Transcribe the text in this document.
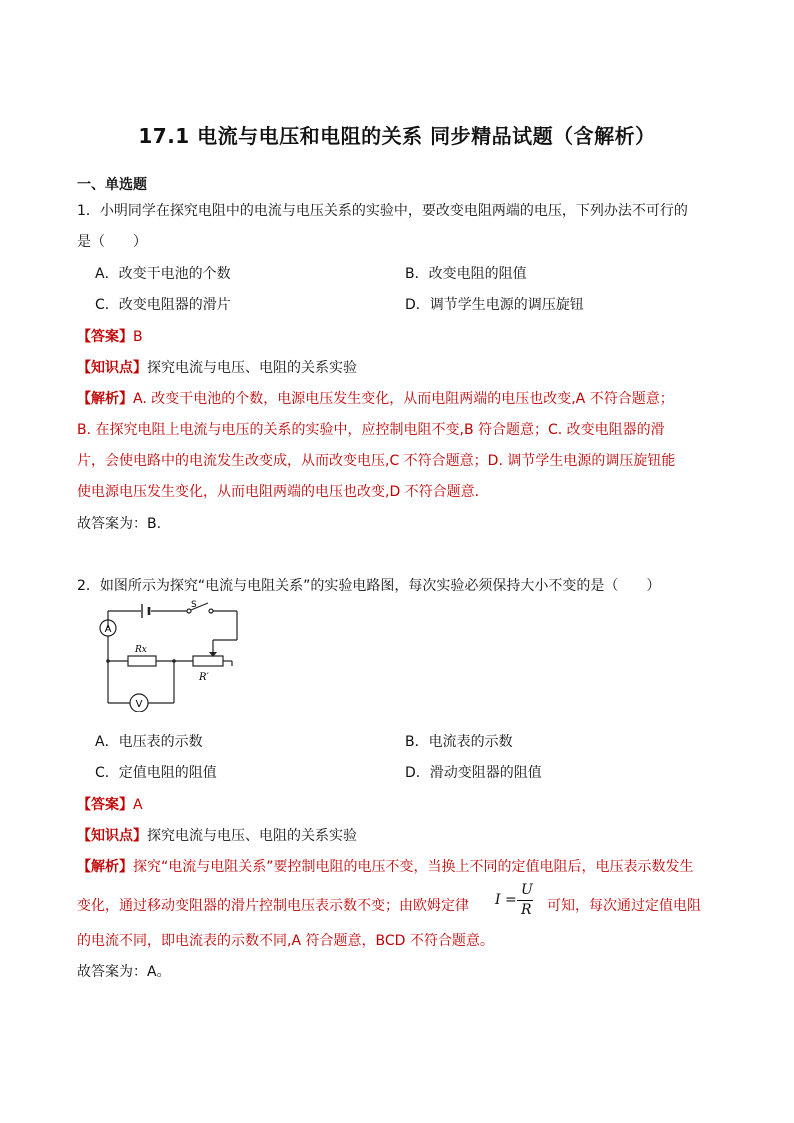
17.1 电流与电压和电阻的关系 同步精品试题（含解析）
一、单选题
1．小明同学在探究电阻中的电流与电压关系的实验中，要改变电阻两端的电压，下列办法不可行的
是（　　）
A．改变干电池的个数	B．改变电阻的阻值
C．改变电阻器的滑片	D．调节学生电源的调压旋钮
【答案】B
【知识点】探究电流与电压、电阻的关系实验
【解析】A. 改变干电池的个数，电源电压发生变化，从而电阻两端的电压也改变,A 不符合题意；
B. 在探究电阻上电流与电压的关系的实验中，应控制电阻不变,B 符合题意；C. 改变电阻器的滑
片，会使电路中的电流发生改变成，从而改变电压,C 不符合题意；D. 调节学生电源的调压旋钮能
使电源电压发生变化，从而电阻两端的电压也改变,D 不符合题意．
故答案为：B.
2．如图所示为探究“电流与电阻关系”的实验电路图，每次实验必须保持大小不变的是（　　）
A
V
S
Rx
R′
A．电压表的示数	B．电流表的示数
C．定值电阻的阻值	D．滑动变阻器的阻值
【答案】A
【知识点】探究电流与电压、电阻的关系实验
【解析】探究“电流与电阻关系”要控制电阻的电压不变，当换上不同的定值电阻后，电压表示数发生
变化，通过移动变阻器的滑片控制电压表示数不变；由欧姆定律 I =
U
R 可知，每次通过定值电阻
的电流不同，即电流表的示数不同,A 符合题意，BCD 不符合题意。
故答案为：A。
